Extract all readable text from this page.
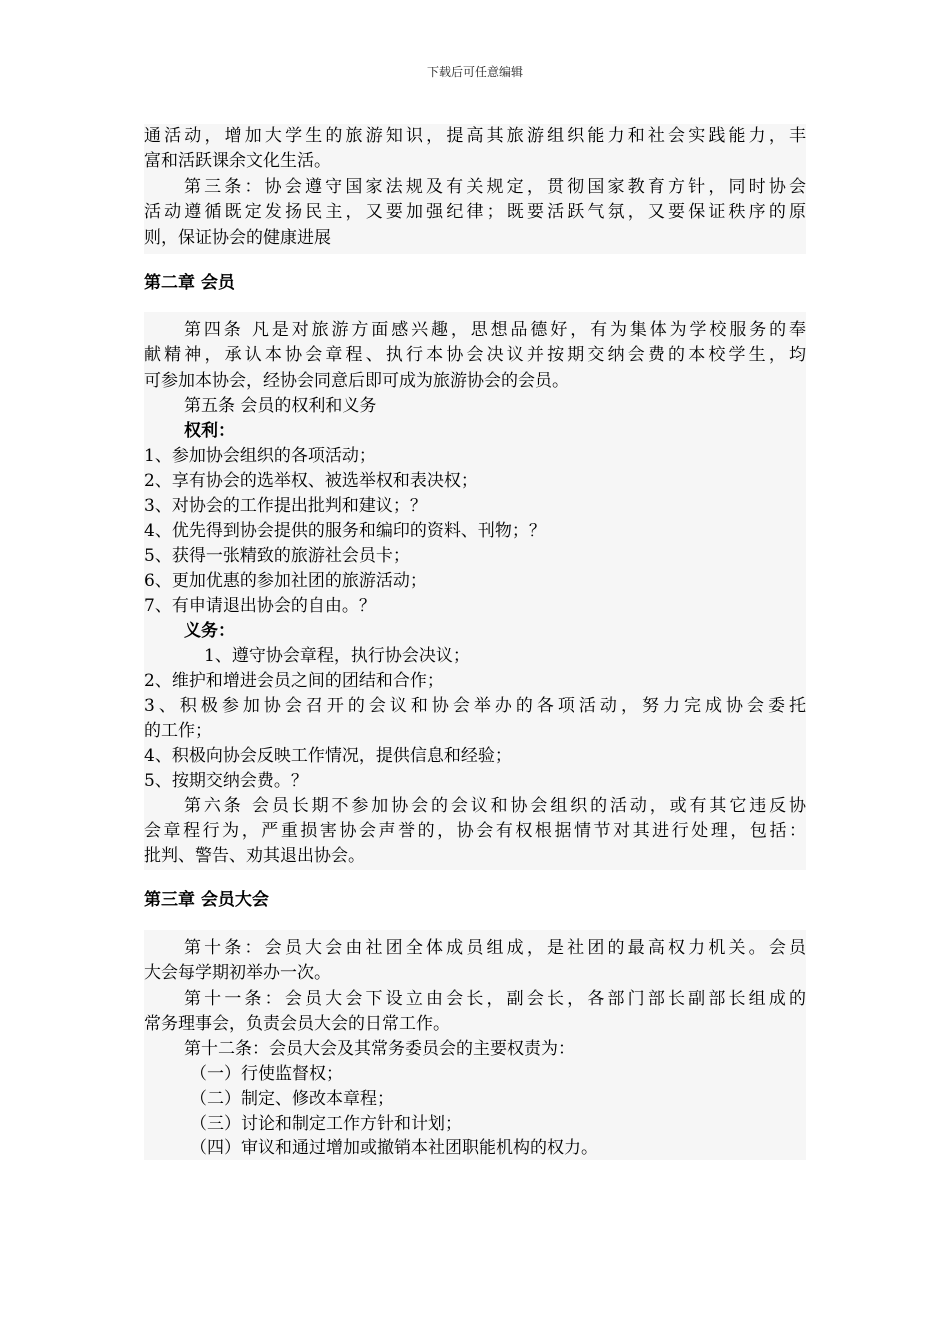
下载后可任意编辑
通活动，增加大学生的旅游知识，提高其旅游组织能力和社会实践能力，丰
富和活跃课余文化生活。
第三条：协会遵守国家法规及有关规定，贯彻国家教育方针，同时协会
活动遵循既定发扬民主，又要加强纪律；既要活跃气氛，又要保证秩序的原
则，保证协会的健康进展
第二章 会员
第四条 凡是对旅游方面感兴趣，思想品德好，有为集体为学校服务的奉
献精神，承认本协会章程、执行本协会决议并按期交纳会费的本校学生，均
可参加本协会，经协会同意后即可成为旅游协会的会员。
第五条 会员的权利和义务
权利：
1、参加协会组织的各项活动；
2、享有协会的选举权、被选举权和表决权；
3、对协会的工作提出批判和建议；？
4、优先得到协会提供的服务和编印的资料、刊物；？
5、获得一张精致的旅游社会员卡；
6、更加优惠的参加社团的旅游活动；
7、有申请退出协会的自由。？
义务：
1、遵守协会章程，执行协会决议；
2、维护和增进会员之间的团结和合作；
3、积极参加协会召开的会议和协会举办的各项活动，努力完成协会委托
的工作；
4、积极向协会反映工作情况，提供信息和经验；
5、按期交纳会费。？
第六条 会员长期不参加协会的会议和协会组织的活动，或有其它违反协
会章程行为，严重损害协会声誉的，协会有权根据情节对其进行处理，包括：
批判、警告、劝其退出协会。
第三章 会员大会
第十条：会员大会由社团全体成员组成，是社团的最高权力机关。会员
大会每学期初举办一次。
第十一条：会员大会下设立由会长，副会长，各部门部长副部长组成的
常务理事会，负责会员大会的日常工作。
第十二条：会员大会及其常务委员会的主要权责为：
（一）行使监督权；
（二）制定、修改本章程；
（三）讨论和制定工作方针和计划；
（四）审议和通过增加或撤销本社团职能机构的权力。
